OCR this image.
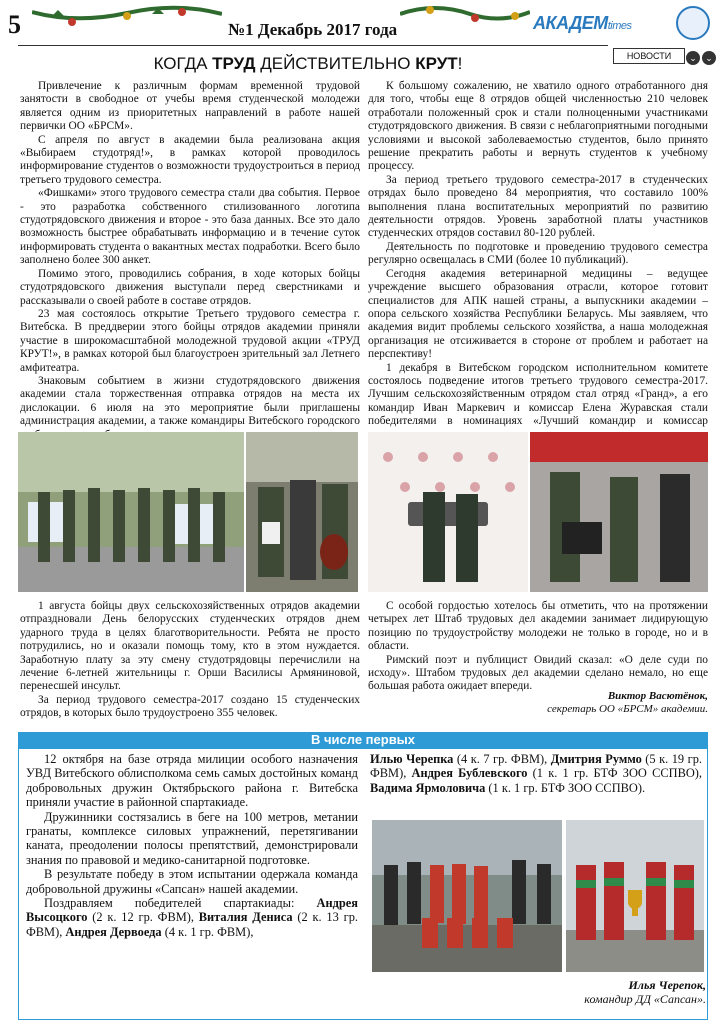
5	№1 Декабрь 2017 года	АКАДЕМtimes
НОВОСТИ	⌄ ⌄
КОГДА ТРУД ДЕЙСТВИТЕЛЬНО КРУТ!

Привлечение к различным формам временной трудовой занятости в свободное от учебы время студенческой молодежи является одним из приоритетных направлений в работе нашей первички ОО «БРСМ».

С апреля по август в академии была реализована акция «Выбираем студотряд!», в рамках которой проводилось информирование студентов о возможности трудоустроиться в период третьего трудового семестра.

«Фишками» этого трудового семестра стали два события. Первое - это разработка собственного стилизованного логотипа студотрядовского движения и второе - это база данных. Все это дало возможность быстрее обрабатывать информацию и в течение суток информировать студента о вакантных местах подработки. Всего было заполнено более 300 анкет.

Помимо этого, проводились собрания, в ходе которых бойцы студотрядовского движения выступали перед сверстниками и рассказывали о своей работе в составе отрядов.

23 мая состоялось открытие Третьего трудового семестра г. Витебска. В преддверии этого бойцы отрядов академии приняли участие в широкомасштабной молодежной трудовой акции «ТРУД КРУТ!», в рамках которой был благоустроен зрительный зал Летнего амфитеатра.

Знаковым событием в жизни студотрядовского движения академии стала торжественная отправка отрядов на места их дислокации. 6 июля на это мероприятие были приглашены администрация академии, а также командиры Витебского городского

К большому сожалению, не хватило одного отработанного дня для того, чтобы еще 8 отрядов общей численностью 210 человек отработали положенный срок и стали полноценными участниками студотрядовского движения. В связи с неблагоприятными погодными условиями и высокой заболеваемостью студентов, было принято решение прекратить работы и вернуть студентов к учебному процессу.

За период третьего трудового семестра-2017 в студенческих отрядах было проведено 84 мероприятия, что составило 100% выполнения плана воспитательных мероприятий по развитию деятельности отрядов. Уровень заработной платы участников студенческих отрядов составил 80-120 рублей.

Деятельность по подготовке и проведению трудового семестра регулярно освещалась в СМИ (более 10 публикаций).

Сегодня академия ветеринарной медицины – ведущее учреждение высшего образования отрасли, которое готовит специалистов для АПК нашей страны, а выпускники академии – опора сельского хозяйства Республики Беларусь. Мы заявляем, что академия видит проблемы сельского хозяйства, а наша молодежная организация не отсиживается в стороне от проблем и работает на перспективу!

1 декабря в Витебском городском исполнительном комитете состоялось подведение итогов третьего трудового семестра-2017. Лучшим сельскохозяйственным отрядом стал отряд «Гранд», а его командир Иван Маркевич и комиссар Елена Журавская стали победителями в номинациях «Лучший командир и комиссар

1 августа бойцы двух сельскохозяйственных отрядов академии отпраздновали День белорусских студенческих отрядов днем ударного труда в целях благотворительности. Ребята не просто потрудились, но и оказали помощь тому, кто в этом нуждается. Заработную плату за эту смену студотрядовцы перечислили на лечение 6-летней жительницы г. Орши Василисы Армянинoвой, перенесшей инсульт.

За период трудового семестра-2017 создано 15 студенческих отрядов, в которых было трудоустроено 355 человек.

С особой гордостью хотелось бы отметить, что на протяжении четырех лет Штаб трудовых дел академии занимает лидирующую позицию по трудоустройству молодежи не только в городе, но и в области.

Римский поэт и публицист Овидий сказал: «О деле суди по исходу». Штабом трудовых дел академии сделано немало, но еще большая работа ожидает впереди.

Виктор Васютёнок,
секретарь ОО «БРСМ» академии.
В числе первых

12 октября на базе отряда милиции особого назначения УВД Витебского облисполкома семь самых достойных команд добровольных дружин Октябрьского района г. Витебска приняли участие в районной спартакиаде.

Дружинники состязались в беге на 100 метров, метании гранаты, комплексе силовых упражнений, перетягивании каната, преодолении полосы препятствий, демонстрировали знания по правовой и медико-санитарной подготовке.

В результате победу в этом испытании одержала команда добровольной дружины «Сапсан» нашей академии.

Поздравляем победителей спартакиады: Андрея Высоцкого (2 к. 12 гр. ФВМ), Виталия Дениса (2 к. 13 гр. ФВМ), Андрея Дервоеда (4 к. 1 гр. ФВМ),

Илью Черепка (4 к. 7 гр. ФВМ), Дмитрия Руммо (5 к. 19 гр. ФВМ), Андрея Бублевского (1 к. 1 гр. БТФ ЗОО ССПВО), Вадима Ярмоловича (1 к. 1 гр. БТФ ЗОО ССПВО).
Илья Черепок,
командир ДД «Сапсан».
